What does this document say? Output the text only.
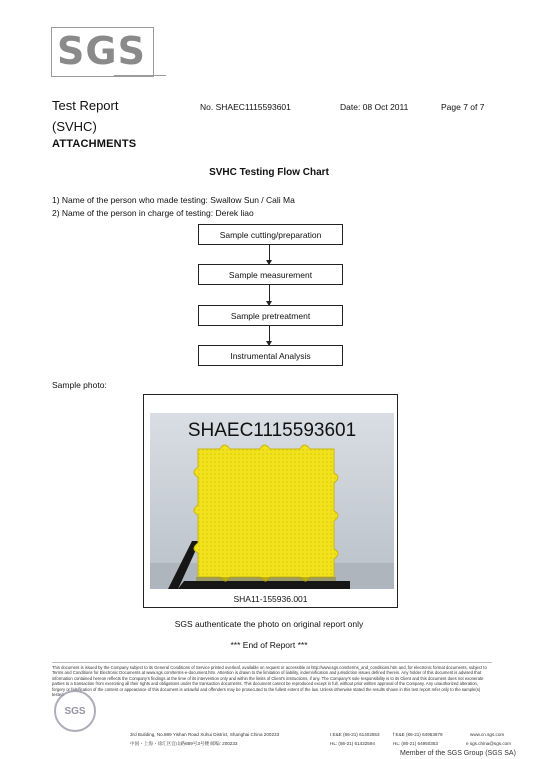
SGS
Test Report
(SVHC)
ATTACHMENTS
No. SHAEC1115593601	Date: 08 Oct 2011	Page 7 of 7
SVHC Testing Flow Chart
1) Name of the person who made testing: Swallow Sun / Cali Ma
2) Name of the person in charge of testing: Derek liao
Sample cutting/preparation
Sample measurement
Sample pretreatment
Instrumental Analysis
Sample photo:
SHAEC1115593601
SHA11-155936.001
SGS authenticate the photo on original report only
*** End of Report ***
This document is issued by the Company subject to its General Conditions of Service printed overleaf, available on request or accessible at http://www.sgs.com/terms_and_conditions.htm and, for electronic format documents, subject to Terms and Conditions for Electronic Documents at www.sgs.com/terms-e-document.htm. Attention is drawn to the limitation of liability, indemnification and jurisdiction issues defined therein. Any holder of this document is advised that information contained hereon reflects the Company's findings at the time of its intervention only and within the limits of Client's instructions, if any. The Company's sole responsibility is to its Client and this document does not exonerate parties to a transaction from exercising all their rights and obligations under the transaction documents. This document cannot be reproduced except in full, without prior written approval of the Company. Any unauthorized alteration, forgery or falsification of the content or appearance of this document is unlawful and offenders may be prosecuted to the fullest extent of the law. Unless otherwise stated the results shown in this test report refer only to the sample(s) tested.
SGS
3rd Building, No.889 Yishan Road Xuhui District, Shanghai China 200233
中国・上海・徐汇区宜山路889号3号楼 邮编: 200233
t E&E (86-21) 61402553	f E&E (86-21) 64953679
HL: (86-21) 61432594	HL: (86-21) 64950353
www.cn.sgs.com
e sgs.china@sgs.com
Member of the SGS Group (SGS SA)
